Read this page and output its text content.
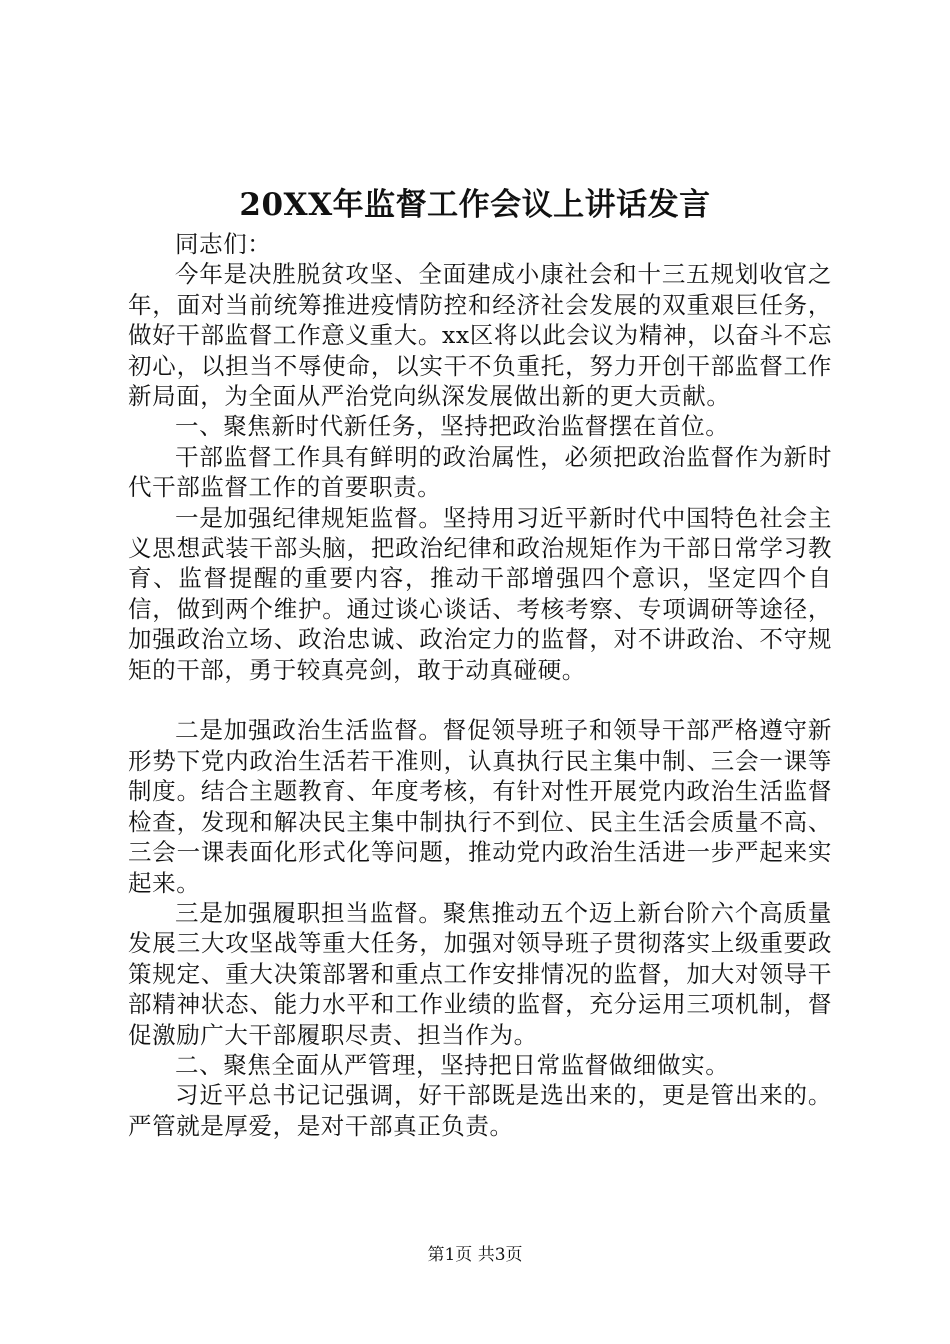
20XX年监督工作会议上讲话发言

同志们：

今年是决胜脱贫攻坚、全面建成小康社会和十三五规划收官之年，面对当前统筹推进疫情防控和经济社会发展的双重艰巨任务，做好干部监督工作意义重大。xx区将以此会议为精神，以奋斗不忘初心，以担当不辱使命，以实干不负重托，努力开创干部监督工作新局面，为全面从严治党向纵深发展做出新的更大贡献。

一、聚焦新时代新任务，坚持把政治监督摆在首位。

干部监督工作具有鲜明的政治属性，必须把政治监督作为新时代干部监督工作的首要职责。

一是加强纪律规矩监督。坚持用习近平新时代中国特色社会主义思想武装干部头脑，把政治纪律和政治规矩作为干部日常学习教育、监督提醒的重要内容，推动干部增强四个意识，坚定四个自信，做到两个维护。通过谈心谈话、考核考察、专项调研等途径，加强政治立场、政治忠诚、政治定力的监督，对不讲政治、不守规矩的干部，勇于较真亮剑，敢于动真碰硬。

二是加强政治生活监督。督促领导班子和领导干部严格遵守新形势下党内政治生活若干准则，认真执行民主集中制、三会一课等制度。结合主题教育、年度考核，有针对性开展党内政治生活监督检查，发现和解决民主集中制执行不到位、民主生活会质量不高、三会一课表面化形式化等问题，推动党内政治生活进一步严起来实起来。

三是加强履职担当监督。聚焦推动五个迈上新台阶六个高质量发展三大攻坚战等重大任务，加强对领导班子贯彻落实上级重要政策规定、重大决策部署和重点工作安排情况的监督，加大对领导干部精神状态、能力水平和工作业绩的监督，充分运用三项机制，督促激励广大干部履职尽责、担当作为。

二、聚焦全面从严管理，坚持把日常监督做细做实。

习近平总书记记强调，好干部既是选出来的，更是管出来的。严管就是厚爱，是对干部真正负责。

第1页 共3页
